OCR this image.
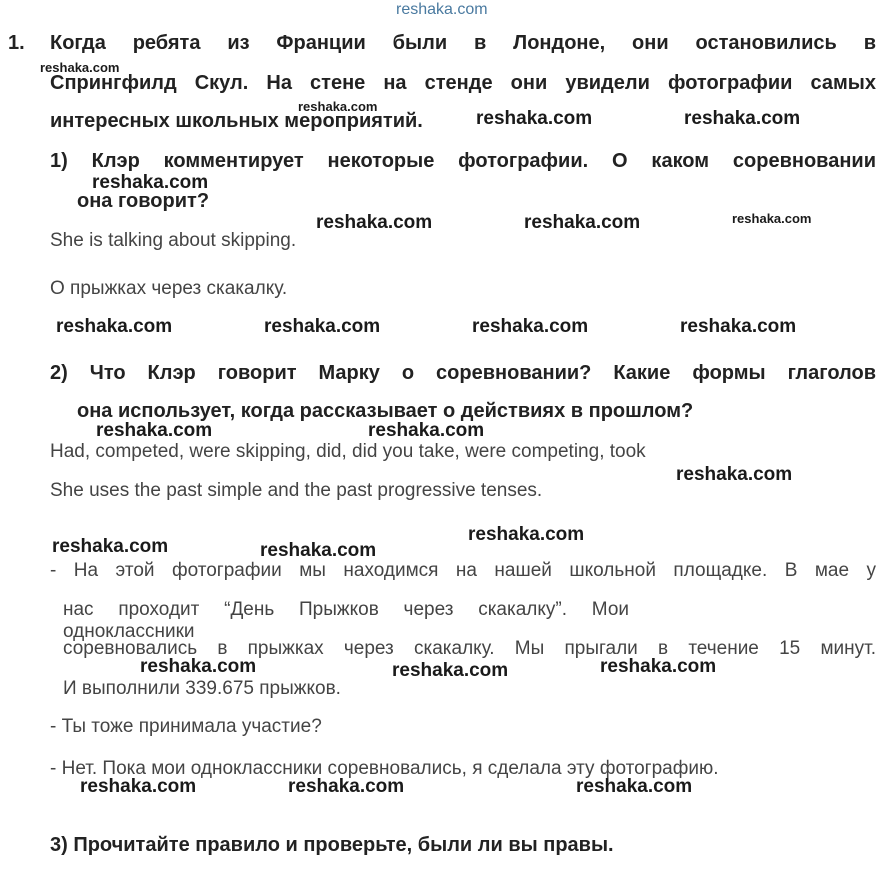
reshaka.com
1. Когда ребята из Франции были в Лондоне, они остановились в
Спрингфилд Скул. На стене на стенде они увидели фотографии самых
интересных школьных мероприятий.
1) Клэр комментирует некоторые фотографии. О каком соревновании
она говорит?
She is talking about skipping.
О прыжках через скакалку.
2) Что Клэр говорит Марку о соревновании? Какие формы глаголов
она использует, когда рассказывает о действиях в прошлом?
Had, competed, were skipping, did, did you take, were competing, took
She uses the past simple and the past progressive tenses.
- На этой фотографии мы находимся на нашей школьной площадке. В мае у
нас проходит “День Прыжков через скакалку”. Мои одноклассники
соревновались в прыжках через скакалку. Мы прыгали в течение 15 минут.
И выполнили 339.675 прыжков.
- Ты тоже принимала участие?
- Нет. Пока мои одноклассники соревновались, я сделала эту фотографию.
3) Прочитайте правило и проверьте, были ли вы правы.
reshaka.com
reshaka.com
reshaka.com	reshaka.com
reshaka.com
reshaka.com	reshaka.com	reshaka.com
reshaka.com	reshaka.com	reshaka.com	reshaka.com
reshaka.com	reshaka.com
reshaka.com
reshaka.com
reshaka.com	reshaka.com
reshaka.com	reshaka.com	reshaka.com
reshaka.com	reshaka.com	reshaka.com
